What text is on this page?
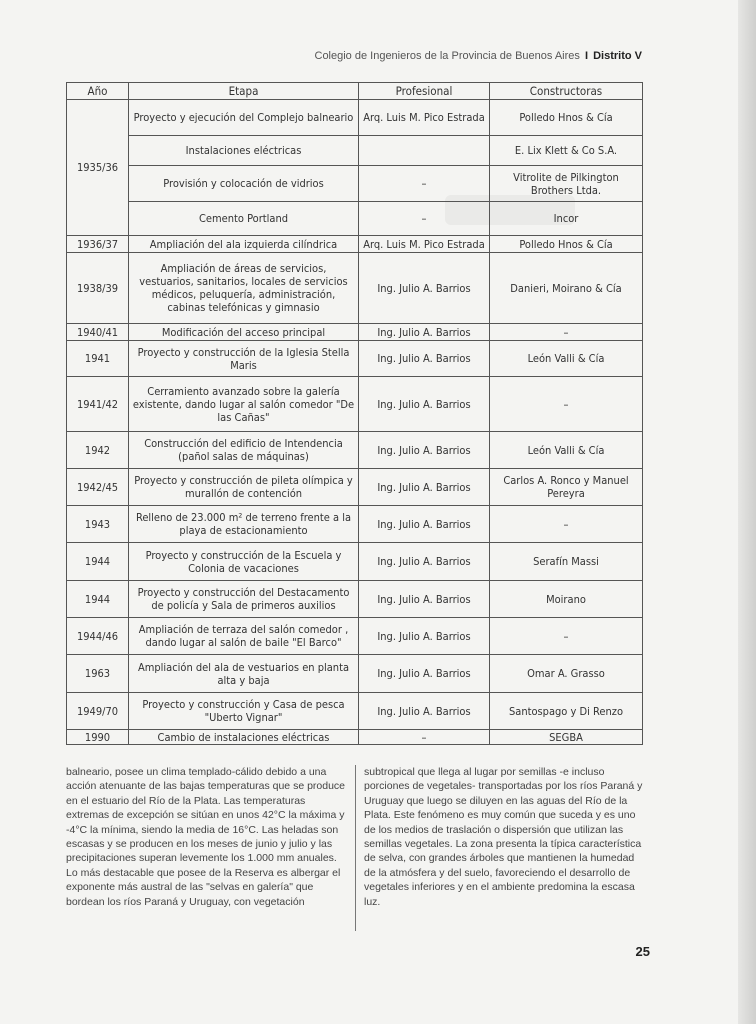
Colegio de Ingenieros de la Provincia de Buenos Aires I Distrito V
Año	Etapa	Profesional	Constructoras
1935/36	Proyecto y ejecución del Complejo balneario	Arq. Luis M. Pico Estrada	Polledo Hnos & Cía
	Instalaciones eléctricas		E. Lix Klett & Co S.A.
	Provisión y colocación de vidrios	–	Vitrolite de Pilkington Brothers Ltda.
	Cemento Portland	–	Incor
1936/37	Ampliación del ala izquierda cilíndrica	Arq. Luis M. Pico Estrada	Polledo Hnos & Cía
1938/39	Ampliación de áreas de servicios, vestuarios, sanitarios, locales de servicios médicos, peluquería, administración, cabinas telefónicas y gimnasio	Ing. Julio A. Barrios	Danieri, Moirano & Cía
1940/41	Modificación del acceso principal	Ing. Julio A. Barrios	–
1941	Proyecto y construcción de la Iglesia Stella Maris	Ing. Julio A. Barrios	León Valli & Cía
1941/42	Cerramiento avanzado sobre la galería existente, dando lugar al salón comedor "De las Cañas"	Ing. Julio A. Barrios	–
1942	Construcción del edificio de Intendencia (pañol salas de máquinas)	Ing. Julio A. Barrios	León Valli & Cía
1942/45	Proyecto y construcción de pileta olímpica y murallón de contención	Ing. Julio A. Barrios	Carlos A. Ronco y Manuel Pereyra
1943	Relleno de 23.000 m² de terreno frente a la playa de estacionamiento	Ing. Julio A. Barrios	–
1944	Proyecto y construcción de la Escuela y Colonia de vacaciones	Ing. Julio A. Barrios	Serafín Massi
1944	Proyecto y construcción del Destacamento de policía y Sala de primeros auxilios	Ing. Julio A. Barrios	Moirano
1944/46	Ampliación de terraza del salón comedor , dando lugar al salón de baile "El Barco"	Ing. Julio A. Barrios	–
1963	Ampliación del ala de vestuarios en planta alta y baja	Ing. Julio A. Barrios	Omar A. Grasso
1949/70	Proyecto y construcción y Casa de pesca "Uberto Vignar"	Ing. Julio A. Barrios	Santospago y Di Renzo
1990	Cambio de instalaciones eléctricas	–	SEGBA
balneario, posee un clima templado-cálido debido a una acción atenuante de las bajas temperaturas que se produce en el estuario del Río de la Plata. Las temperaturas extremas de excepción se sitúan en unos 42°C la máxima y -4°C la mínima, siendo la media de 16°C. Las heladas son escasas y se producen en los meses de junio y julio y las precipitaciones superan levemente los 1.000 mm anuales. Lo más destacable que posee de la Reserva es albergar el exponente más austral de las "selvas en galería" que bordean los ríos Paraná y Uruguay, con vegetación
subtropical que llega al lugar por semillas -e incluso porciones de vegetales- transportadas por los ríos Paraná y Uruguay que luego se diluyen en las aguas del Río de la Plata. Este fenómeno es muy común que suceda y es uno de los medios de traslación o dispersión que utilizan las semillas vegetales. La zona presenta la típica característica de selva, con grandes árboles que mantienen la humedad de la atmósfera y del suelo, favoreciendo el desarrollo de vegetales inferiores y en el ambiente predomina la escasa luz.
25
